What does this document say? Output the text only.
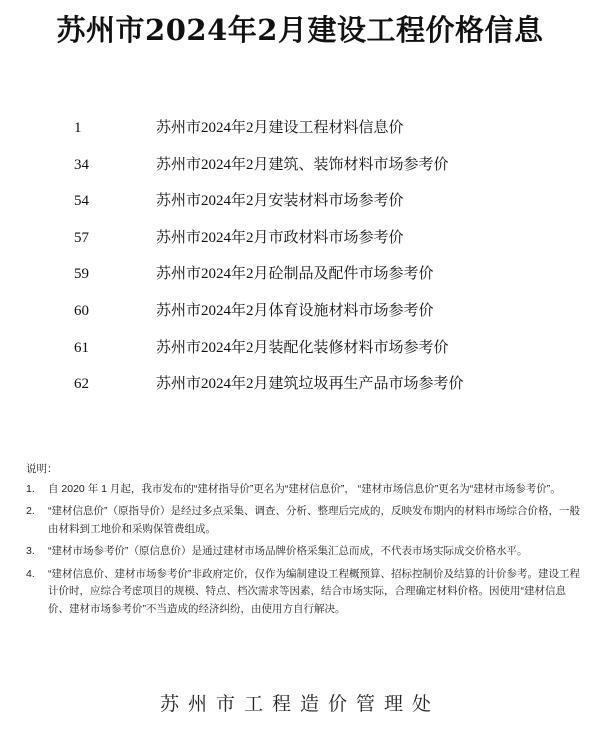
苏州市2024年2月建设工程价格信息
1	苏州市2024年2月建设工程材料信息价
34	苏州市2024年2月建筑、装饰材料市场参考价
54	苏州市2024年2月安装材料市场参考价
57	苏州市2024年2月市政材料市场参考价
59	苏州市2024年2月砼制品及配件市场参考价
60	苏州市2024年2月体育设施材料市场参考价
61	苏州市2024年2月装配化装修材料市场参考价
62	苏州市2024年2月建筑垃圾再生产品市场参考价
说明：
1. 自 2020 年 1 月起，我市发布的“建材指导价”更名为“建材信息价”， “建材市场信息价”更名为“建材市场参考价”。
2. “建材信息价”（原指导价）是经过多点采集、调查、分析、整理后完成的，反映发布期内的材料市场综合价格，一般由材料到工地价和采购保管费组成。
3. “建材市场参考价”（原信息价）是通过建材市场品牌价格采集汇总而成，不代表市场实际成交价格水平。
4. “建材信息价、建材市场参考价”非政府定价，仅作为编制建设工程概预算、招标控制价及结算的计价参考。建设工程计价时，应综合考虑项目的规模、特点、档次需求等因素，结合市场实际，合理确定材料价格。因使用“建材信息价、建材市场参考价”不当造成的经济纠纷，由使用方自行解决。
苏州市工程造价管理处
